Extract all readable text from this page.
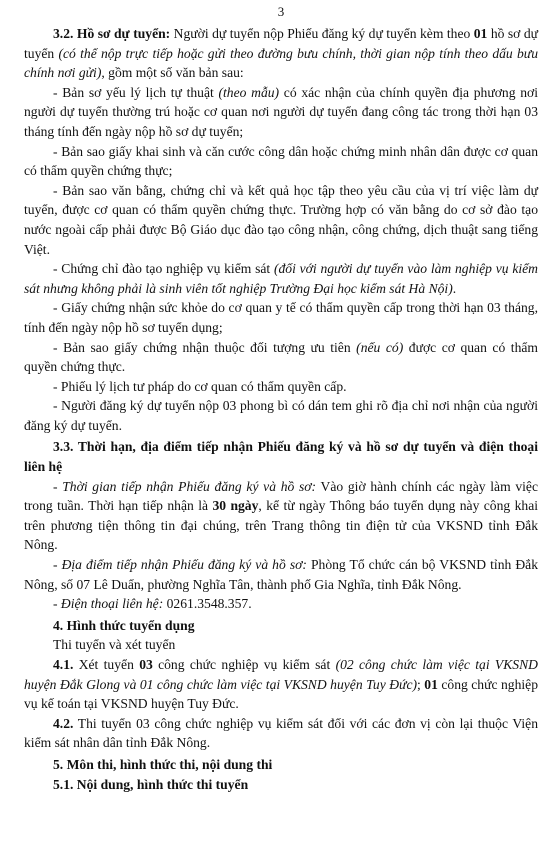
3

3.2. Hồ sơ dự tuyển: Người dự tuyển nộp Phiếu đăng ký dự tuyển kèm theo 01 hồ sơ dự tuyển (có thể nộp trực tiếp hoặc gửi theo đường bưu chính, thời gian nộp tính theo dấu bưu chính nơi gửi), gồm một số văn bản sau:

- Bản sơ yếu lý lịch tự thuật (theo mẫu) có xác nhận của chính quyền địa phương nơi người dự tuyển thường trú hoặc cơ quan nơi người dự tuyển đang công tác trong thời hạn 03 tháng tính đến ngày nộp hồ sơ dự tuyển;

- Bản sao giấy khai sinh và căn cước công dân hoặc chứng minh nhân dân được cơ quan có thẩm quyền chứng thực;

- Bản sao văn bằng, chứng chỉ và kết quả học tập theo yêu cầu của vị trí việc làm dự tuyển, được cơ quan có thẩm quyền chứng thực. Trường hợp có văn bằng do cơ sở đào tạo nước ngoài cấp phải được Bộ Giáo dục đào tạo công nhận, công chứng, dịch thuật sang tiếng Việt.

- Chứng chỉ đào tạo nghiệp vụ kiểm sát (đối với người dự tuyển vào làm nghiệp vụ kiểm sát nhưng không phải là sinh viên tốt nghiệp Trường Đại học kiểm sát Hà Nội).

- Giấy chứng nhận sức khỏe do cơ quan y tế có thẩm quyền cấp trong thời hạn 03 tháng, tính đến ngày nộp hồ sơ tuyển dụng;

- Bản sao giấy chứng nhận thuộc đối tượng ưu tiên (nếu có) được cơ quan có thẩm quyền chứng thực.

- Phiếu lý lịch tư pháp do cơ quan có thẩm quyền cấp.

- Người đăng ký dự tuyển nộp 03 phong bì có dán tem ghi rõ địa chỉ nơi nhận của người đăng ký dự tuyển.

3.3. Thời hạn, địa điểm tiếp nhận Phiếu đăng ký và hồ sơ dự tuyển và điện thoại liên hệ

- Thời gian tiếp nhận Phiếu đăng ký và hồ sơ: Vào giờ hành chính các ngày làm việc trong tuần. Thời hạn tiếp nhận là 30 ngày, kể từ ngày Thông báo tuyển dụng này công khai trên phương tiện thông tin đại chúng, trên Trang thông tin điện tử của VKSND tỉnh Đắk Nông.

- Địa điểm tiếp nhận Phiếu đăng ký và hồ sơ: Phòng Tổ chức cán bộ VKSND tỉnh Đắk Nông, số 07 Lê Duẩn, phường Nghĩa Tân, thành phố Gia Nghĩa, tỉnh Đắk Nông.

- Điện thoại liên hệ: 0261.3548.357.

4. Hình thức tuyển dụng

Thi tuyển và xét tuyển

4.1. Xét tuyển 03 công chức nghiệp vụ kiểm sát (02 công chức làm việc tại VKSND huyện Đắk Glong và 01 công chức làm việc tại VKSND huyện Tuy Đức); 01 công chức nghiệp vụ kế toán tại VKSND huyện Tuy Đức.

4.2. Thi tuyển 03 công chức nghiệp vụ kiểm sát đối với các đơn vị còn lại thuộc Viện kiểm sát nhân dân tỉnh Đắk Nông.

5. Môn thi, hình thức thi, nội dung thi

5.1. Nội dung, hình thức thi tuyển
